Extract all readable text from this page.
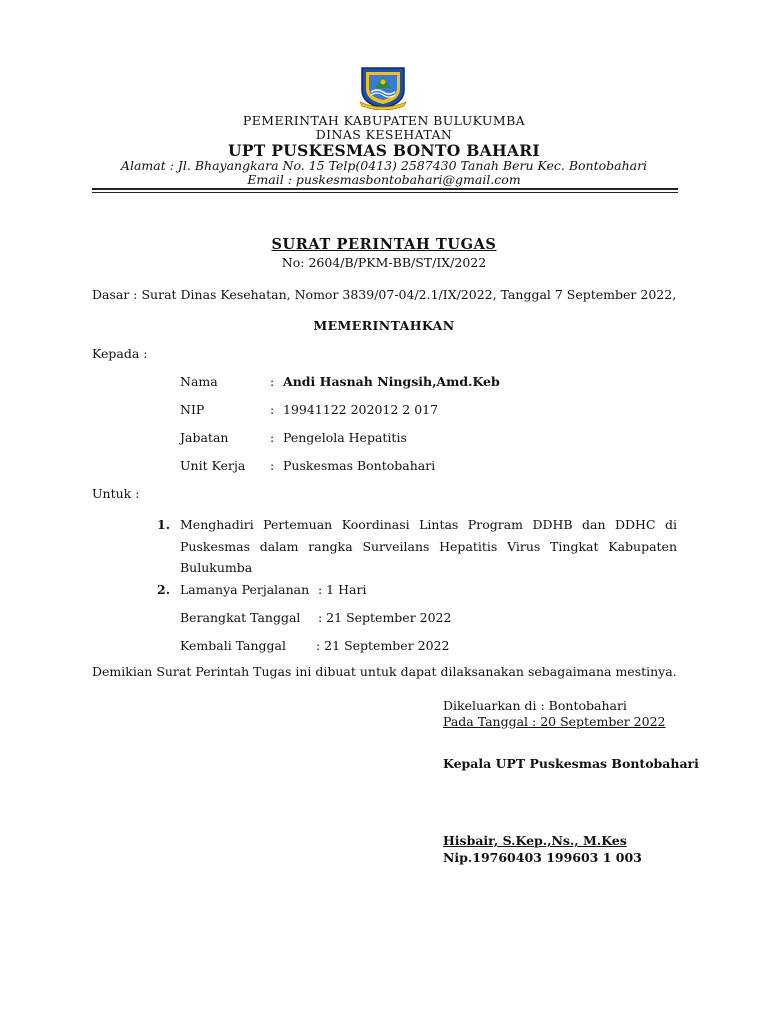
PEMERINTAH KABUPATEN BULUKUMBA
DINAS KESEHATAN
UPT PUSKESMAS BONTO BAHARI
Alamat : Jl. Bhayangkara No. 15 Telp(0413) 2587430 Tanah Beru Kec. Bontobahari
Email : puskesmasbontobahari@gmail.com
SURAT PERINTAH TUGAS
No: 2604/B/PKM-BB/ST/IX/2022
Dasar : Surat Dinas Kesehatan, Nomor 3839/07-04/2.1/IX/2022, Tanggal 7 September 2022,
MEMERINTAHKAN
Kepada :
Nama	: Andi Hasnah Ningsih,Amd.Keb
NIP	: 19941122 202012 2 017
Jabatan	: Pengelola Hepatitis
Unit Kerja : Puskesmas Bontobahari
Untuk :
1. Menghadiri Pertemuan Koordinasi Lintas Program DDHB dan DDHC di
Puskesmas dalam rangka Surveilans Hepatitis Virus Tingkat Kabupaten
Bulukumba
2. Lamanya Perjalanan : 1 Hari
Berangkat Tanggal : 21 September 2022
Kembali Tanggal : 21 September 2022
Demikian Surat Perintah Tugas ini dibuat untuk dapat dilaksanakan sebagaimana mestinya.
Dikeluarkan di : Bontobahari
Pada Tanggal : 20 September 2022
Kepala UPT Puskesmas Bontobahari
Hisbair, S.Kep.,Ns., M.Kes
Nip.19760403 199603 1 003
